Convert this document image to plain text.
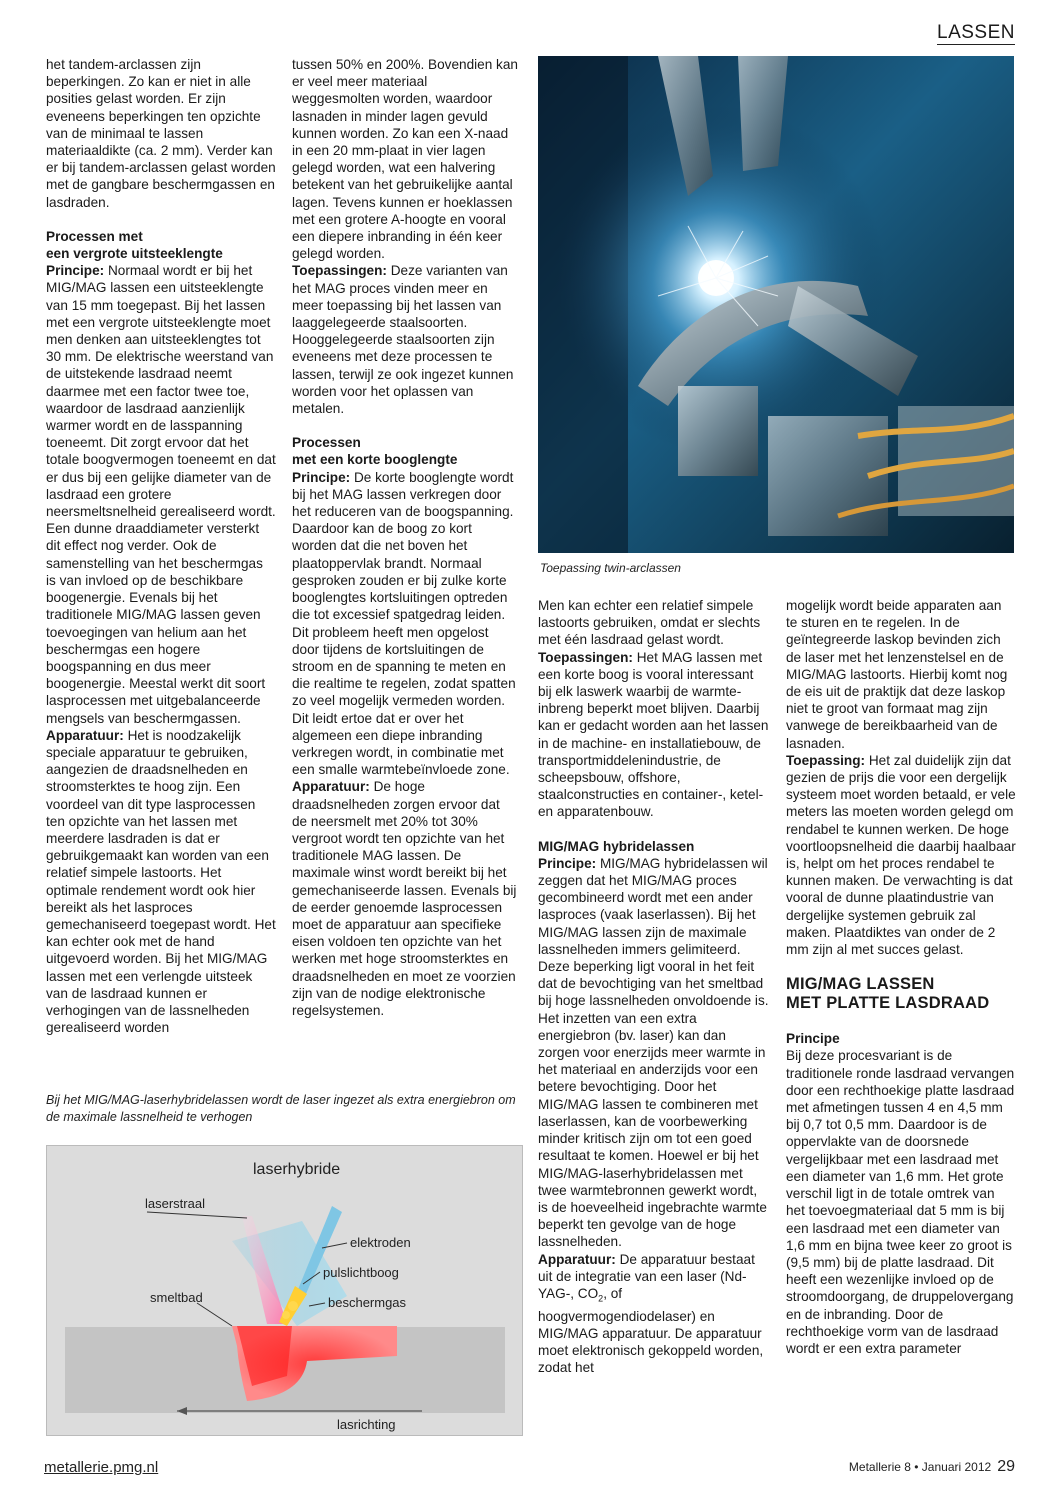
LASSEN

het tandem-arclassen zijn beperkingen. Zo kan er niet in alle posities gelast worden. Er zijn eveneens beperkingen ten opzichte van de minimaal te lassen materiaaldikte (ca. 2 mm). Verder kan er bij tandem-arclassen gelast worden met de gangbare beschermgassen en lasdraden.

Processen met

een vergrote uitsteeklengte

Principe: Normaal wordt er bij het MIG/MAG lassen een uitsteeklengte van 15 mm toegepast. Bij het lassen met een vergrote uitsteeklengte moet men denken aan uitsteeklengtes tot 30 mm. De elektrische weerstand van de uitstekende lasdraad neemt daarmee met een factor twee toe, waardoor de lasdraad aanzienlijk warmer wordt en de lasspanning toeneemt. Dit zorgt ervoor dat het totale boogvermogen toeneemt en dat er dus bij een gelijke diameter van de lasdraad een grotere neersmeltsnelheid gerealiseerd wordt. Een dunne draaddiameter versterkt dit effect nog verder. Ook de samenstelling van het beschermgas is van invloed op de beschikbare boogenergie. Evenals bij het traditionele MIG/MAG lassen geven toevoegingen van helium aan het beschermgas een hogere boogspanning en dus meer boogenergie. Meestal werkt dit soort lasprocessen met uitgebalanceerde mengsels van beschermgassen.

Apparatuur: Het is noodzakelijk speciale apparatuur te gebruiken, aangezien de draadsnelheden en stroomsterktes te hoog zijn. Een voordeel van dit type lasprocessen ten opzichte van het lassen met meerdere lasdraden is dat er gebruikgemaakt kan worden van een relatief simpele lastoorts. Het optimale rendement wordt ook hier bereikt als het lasproces gemechaniseerd toegepast wordt. Het kan echter ook met de hand uitgevoerd worden. Bij het MIG/MAG lassen met een verlengde uitsteek van de lasdraad kunnen er verhogingen van de lassnelheden gerealiseerd worden

tussen 50% en 200%. Bovendien kan er veel meer materiaal weggesmolten worden, waardoor lasnaden in minder lagen gevuld kunnen worden. Zo kan een X-naad in een 20 mm-plaat in vier lagen gelegd worden, wat een halvering betekent van het gebruikelijke aantal lagen. Tevens kunnen er hoeklassen met een grotere A-hoogte en vooral een diepere inbranding in één keer gelegd worden.

Toepassingen: Deze varianten van het MAG proces vinden meer en meer toepassing bij het lassen van laaggelegeerde staalsoorten. Hooggelegeerde staalsoorten zijn eveneens met deze processen te lassen, terwijl ze ook ingezet kunnen worden voor het oplassen van metalen.

Processen

met een korte booglengte

Principe: De korte booglengte wordt bij het MAG lassen verkregen door het reduceren van de boogspanning. Daardoor kan de boog zo kort worden dat die net boven het plaatoppervlak brandt. Normaal gesproken zouden er bij zulke korte booglengtes kortsluitingen optreden die tot excessief spatgedrag leiden. Dit probleem heeft men opgelost door tijdens de kortsluitingen de stroom en de spanning te meten en die realtime te regelen, zodat spatten zo veel mogelijk vermeden worden. Dit leidt ertoe dat er over het algemeen een diepe inbranding verkregen wordt, in combinatie met een smalle warmtebeïnvloede zone.

Apparatuur: De hoge draadsnelheden zorgen ervoor dat de neersmelt met 20% tot 30% vergroot wordt ten opzichte van het traditionele MAG lassen. De maximale winst wordt bereikt bij het gemechaniseerde lassen. Evenals bij de eerder genoemde lasprocessen moet de apparatuur aan specifieke eisen voldoen ten opzichte van het werken met hoge stroomsterktes en draadsnelheden en moet ze voorzien zijn van de nodige elektronische regelsystemen.

Toepassing twin-arclassen

Men kan echter een relatief simpele lastoorts gebruiken, omdat er slechts met één lasdraad gelast wordt.

Toepassingen: Het MAG lassen met een korte boog is vooral interessant bij elk laswerk waarbij de warmte-inbreng beperkt moet blijven. Daarbij kan er gedacht worden aan het lassen in de machine- en installatiebouw, de transportmiddelenindustrie, de scheepsbouw, offshore, staalconstructies en container-, ketel- en apparatenbouw.

MIG/MAG hybridelassen

Principe: MIG/MAG hybridelassen wil zeggen dat het MIG/MAG proces gecombineerd wordt met een ander lasproces (vaak laserlassen). Bij het MIG/MAG lassen zijn de maximale lassnelheden immers gelimiteerd. Deze beperking ligt vooral in het feit dat de bevochtiging van het smeltbad bij hoge lassnelheden onvoldoende is. Het inzetten van een extra energiebron (bv. laser) kan dan zorgen voor enerzijds meer warmte in het materiaal en anderzijds voor een betere bevochtiging. Door het MIG/MAG lassen te combineren met laserlassen, kan de voorbewerking minder kritisch zijn om tot een goed resultaat te komen. Hoewel er bij het MIG/MAG-laserhybridelassen met twee warmtebronnen gewerkt wordt, is de hoeveelheid ingebrachte warmte beperkt ten gevolge van de hoge lassnelheden.

Apparatuur: De apparatuur bestaat uit de integratie van een laser (Nd-YAG-, $CO_2$, of hoogvermogendiodelaser) en MIG/MAG apparatuur. De apparatuur moet elektronisch gekoppeld worden, zodat het

mogelijk wordt beide apparaten aan te sturen en te regelen. In de geïntegreerde laskop bevinden zich de laser met het lenzenstelsel en de MIG/MAG lastoorts. Hierbij komt nog de eis uit de praktijk dat deze laskop niet te groot van formaat mag zijn vanwege de bereikbaarheid van de lasnaden.

Toepassing: Het zal duidelijk zijn dat gezien de prijs die voor een dergelijk systeem moet worden betaald, er vele meters las moeten worden gelegd om rendabel te kunnen werken. De hoge voortloopsnelheid die daarbij haalbaar is, helpt om het proces rendabel te kunnen maken. De verwachting is dat vooral de dunne plaatindustrie van dergelijke systemen gebruik zal maken. Plaatdiktes van onder de 2 mm zijn al met succes gelast.

MIG/MAG LASSEN

MET PLATTE LASDRAAD

Principe

Bij deze procesvariant is de traditionele ronde lasdraad vervangen door een rechthoekige platte lasdraad met afmetingen tussen 4 en 4,5 mm bij 0,7 tot 0,5 mm. Daardoor is de oppervlakte van de doorsnede vergelijkbaar met een lasdraad met een diameter van 1,6 mm. Het grote verschil ligt in de totale omtrek van het toevoegmateriaal dat 5 mm is bij een lasdraad met een diameter van 1,6 mm en bijna twee keer zo groot is (9,5 mm) bij de platte lasdraad. Dit heeft een wezenlijke invloed op de stroomdoorgang, de druppelovergang en de inbranding. Door de rechthoekige vorm van de lasdraad wordt er een extra parameter

Bij het MIG/MAG-laserhybridelassen wordt de laser ingezet als extra energiebron om de maximale lassnelheid te verhogen
laserhybride
laserstraal
elektroden
pulslichtboog
beschermgas
smeltbad
lasrichting
metallerie.pmg.nl	Metallerie 8 • Januari 2012 29
